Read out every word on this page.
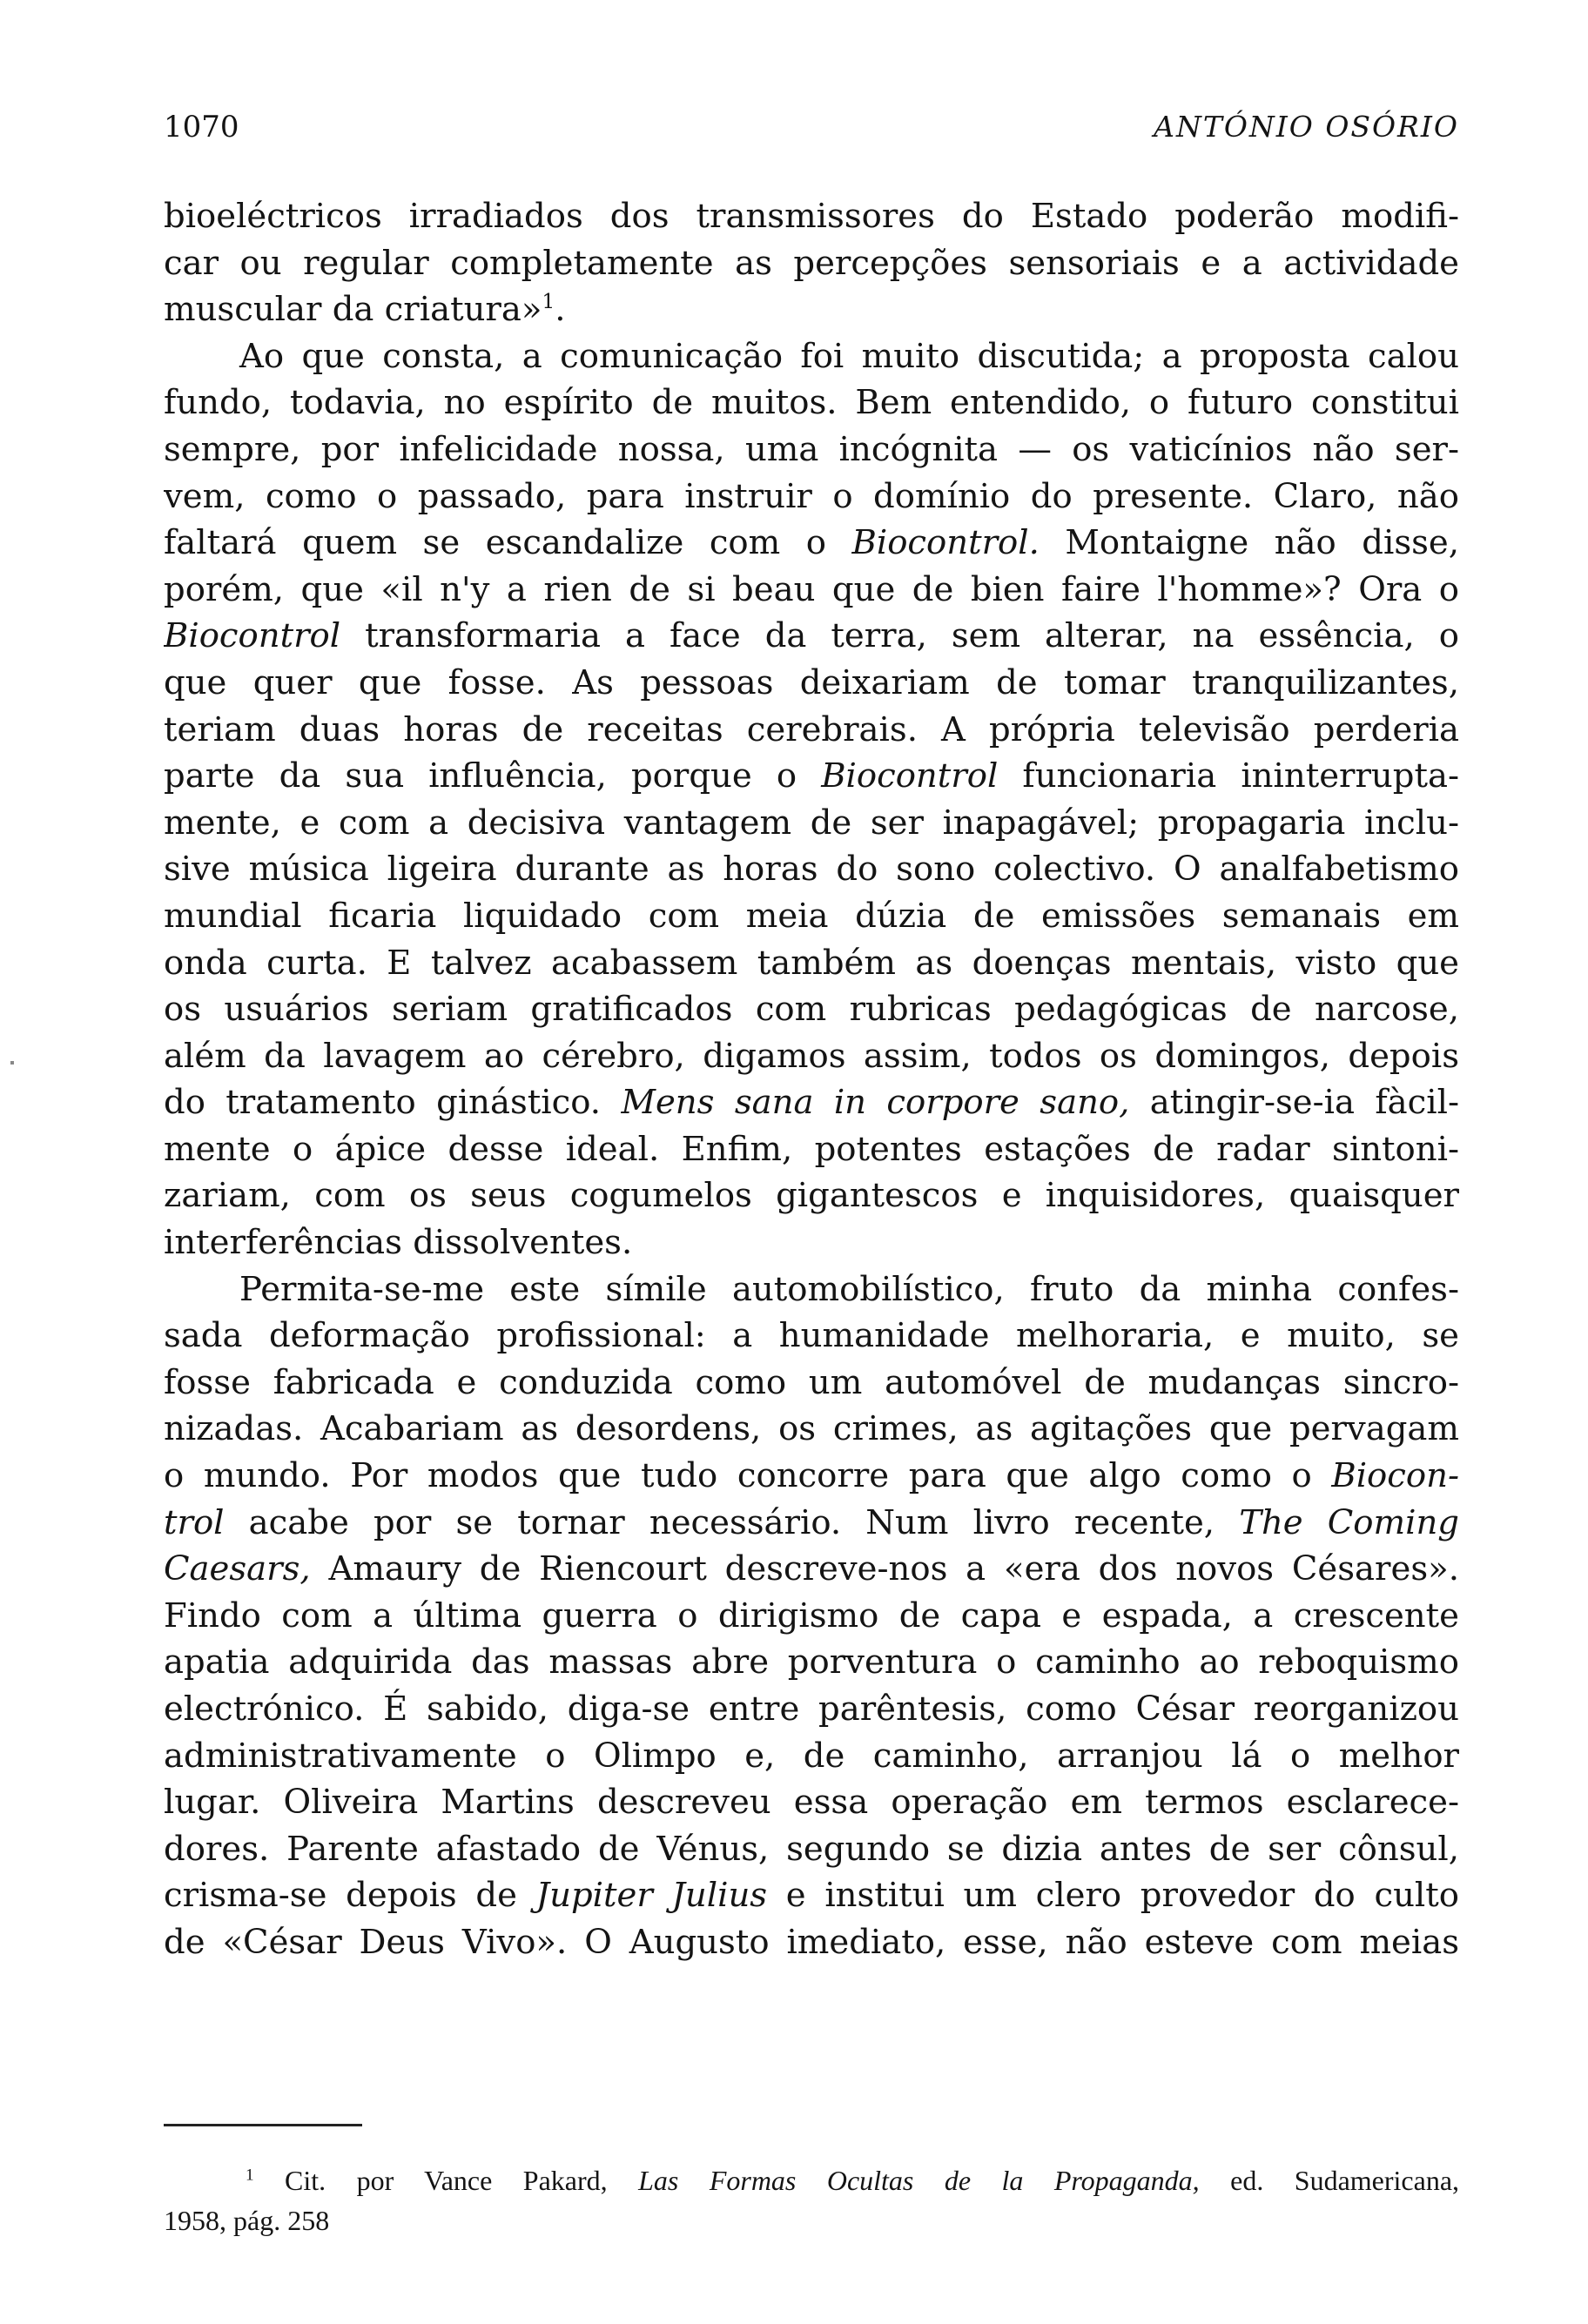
1070	ANTÓNIO OSÓRIO
bioeléctricos irradiados dos transmissores do Estado poderão modifi-
car ou regular completamente as percepções sensoriais e a actividade
muscular da criatura»$^1$.
Ao que consta, a comunicação foi muito discutida; a proposta calou
fundo, todavia, no espírito de muitos. Bem entendido, o futuro constitui
sempre, por infelicidade nossa, uma incógnita — os vaticínios não ser-
vem, como o passado, para instruir o domínio do presente. Claro, não
faltará quem se escandalize com o Biocontrol. Montaigne não disse,
porém, que «il n'y a rien de si beau que de bien faire l'homme»? Ora o
Biocontrol transformaria a face da terra, sem alterar, na essência, o
que quer que fosse. As pessoas deixariam de tomar tranquilizantes,
teriam duas horas de receitas cerebrais. A própria televisão perderia
parte da sua influência, porque o Biocontrol funcionaria ininterrupta-
mente, e com a decisiva vantagem de ser inapagável; propagaria inclu-
sive música ligeira durante as horas do sono colectivo. O analfabetismo
mundial ficaria liquidado com meia dúzia de emissões semanais em
onda curta. E talvez acabassem também as doenças mentais, visto que
os usuários seriam gratificados com rubricas pedagógicas de narcose,
além da lavagem ao cérebro, digamos assim, todos os domingos, depois
do tratamento ginástico. Mens sana in corpore sano, atingir-se-ia fàcil-
mente o ápice desse ideal. Enfim, potentes estações de radar sintoni-
zariam, com os seus cogumelos gigantescos e inquisidores, quaisquer
interferências dissolventes.
Permita-se-me este símile automobilístico, fruto da minha confes-
sada deformação profissional: a humanidade melhoraria, e muito, se
fosse fabricada e conduzida como um automóvel de mudanças sincro-
nizadas. Acabariam as desordens, os crimes, as agitações que pervagam
o mundo. Por modos que tudo concorre para que algo como o Biocon-
trol acabe por se tornar necessário. Num livro recente, The Coming
Caesars, Amaury de Riencourt descreve-nos a «era dos novos Césares».
Findo com a última guerra o dirigismo de capa e espada, a crescente
apatia adquirida das massas abre porventura o caminho ao reboquismo
electrónico. É sabido, diga-se entre parêntesis, como César reorganizou
administrativamente o Olimpo e, de caminho, arranjou lá o melhor
lugar. Oliveira Martins descreveu essa operação em termos esclarece-
dores. Parente afastado de Vénus, segundo se dizia antes de ser cônsul,
crisma-se depois de Jupiter Julius e institui um clero provedor do culto
de «César Deus Vivo». O Augusto imediato, esse, não esteve com meias
$^1$ Cit. por Vance Pakard, Las Formas Ocultas de la Propaganda, ed. Sudamericana,
1958, pág. 258
